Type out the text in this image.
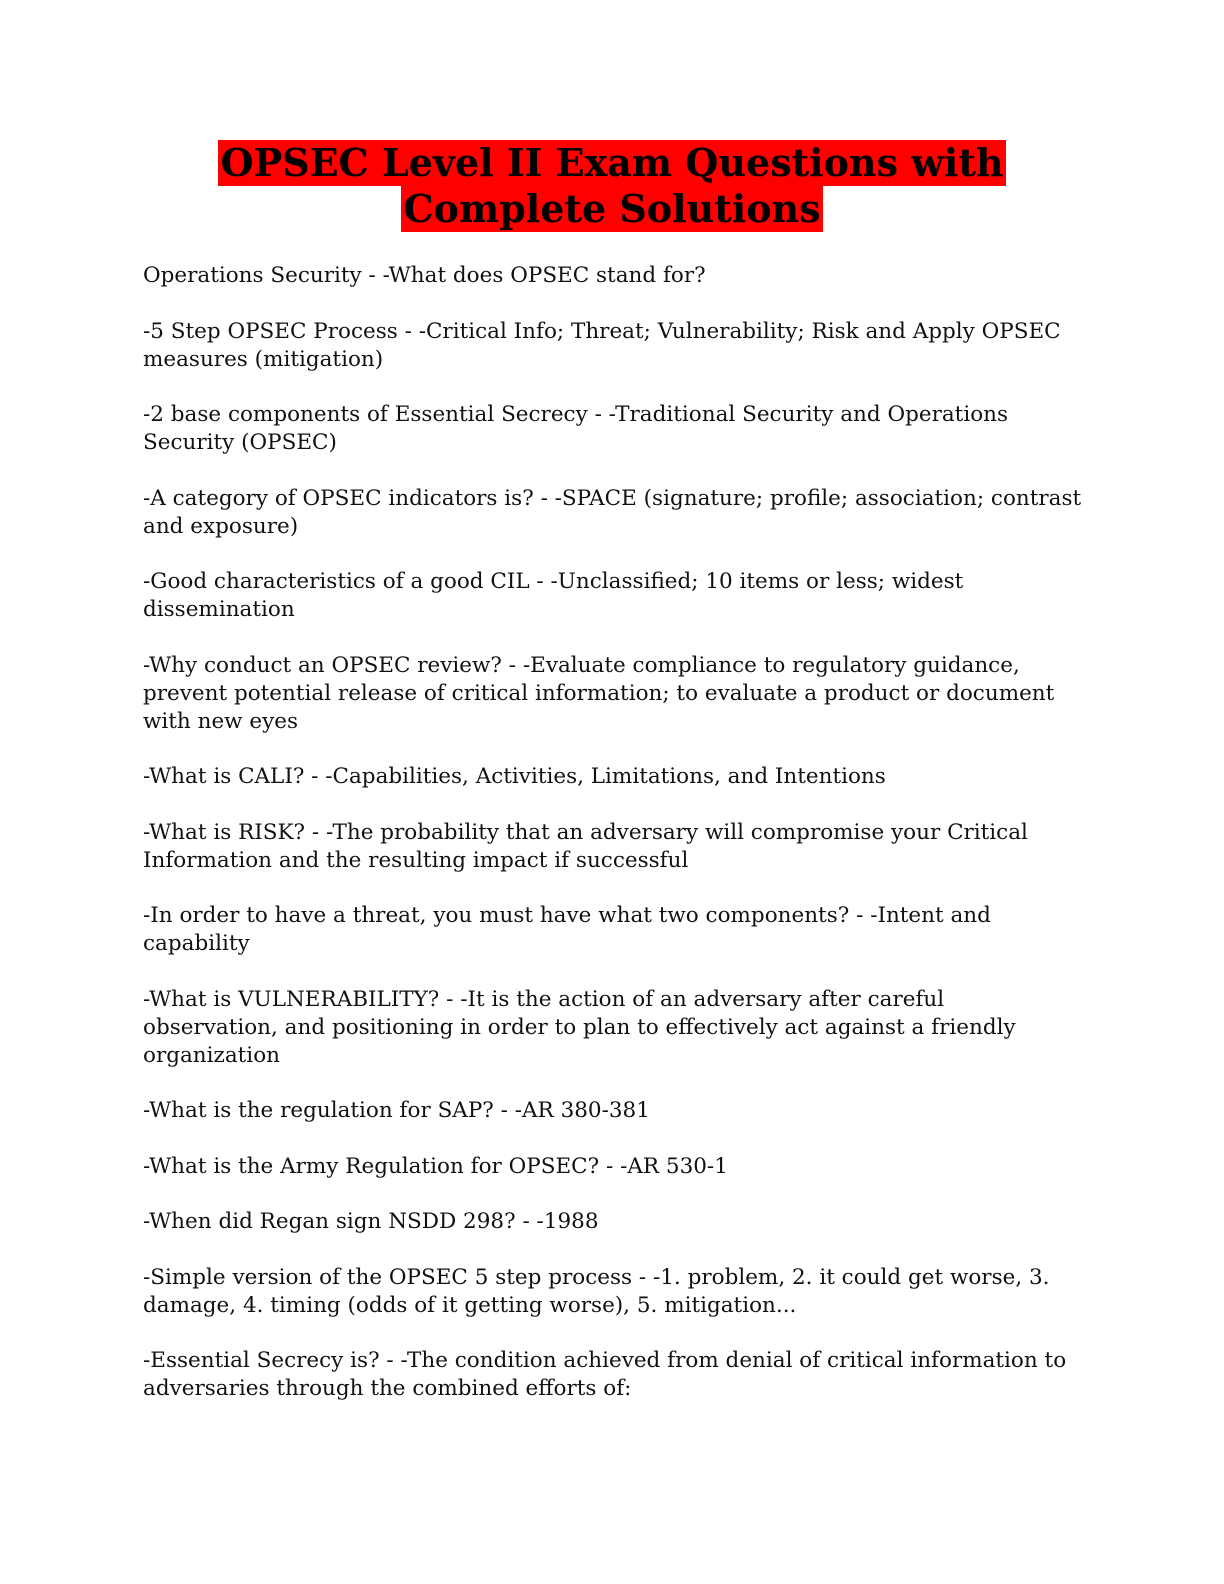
OPSEC Level II Exam Questions with
Complete Solutions
Operations Security - -What does OPSEC stand for?
-5 Step OPSEC Process - -Critical Info; Threat; Vulnerability; Risk and Apply OPSEC measures (mitigation)
-2 base components of Essential Secrecy - -Traditional Security and Operations Security (OPSEC)
-A category of OPSEC indicators is? - -SPACE (signature; profile; association; contrast and exposure)
-Good characteristics of a good CIL - -Unclassified; 10 items or less; widest dissemination
-Why conduct an OPSEC review? - -Evaluate compliance to regulatory guidance, prevent potential release of critical information; to evaluate a product or document with new eyes
-What is CALI? - -Capabilities, Activities, Limitations, and Intentions
-What is RISK? - -The probability that an adversary will compromise your Critical Information and the resulting impact if successful
-In order to have a threat, you must have what two components? - -Intent and capability
-What is VULNERABILITY? - -It is the action of an adversary after careful observation, and positioning in order to plan to effectively act against a friendly organization
-What is the regulation for SAP? - -AR 380-381
-What is the Army Regulation for OPSEC? - -AR 530-1
-When did Regan sign NSDD 298? - -1988
-Simple version of the OPSEC 5 step process - -1. problem, 2. it could get worse, 3. damage, 4. timing (odds of it getting worse), 5. mitigation...
-Essential Secrecy is? - -The condition achieved from denial of critical information to adversaries through the combined efforts of:
